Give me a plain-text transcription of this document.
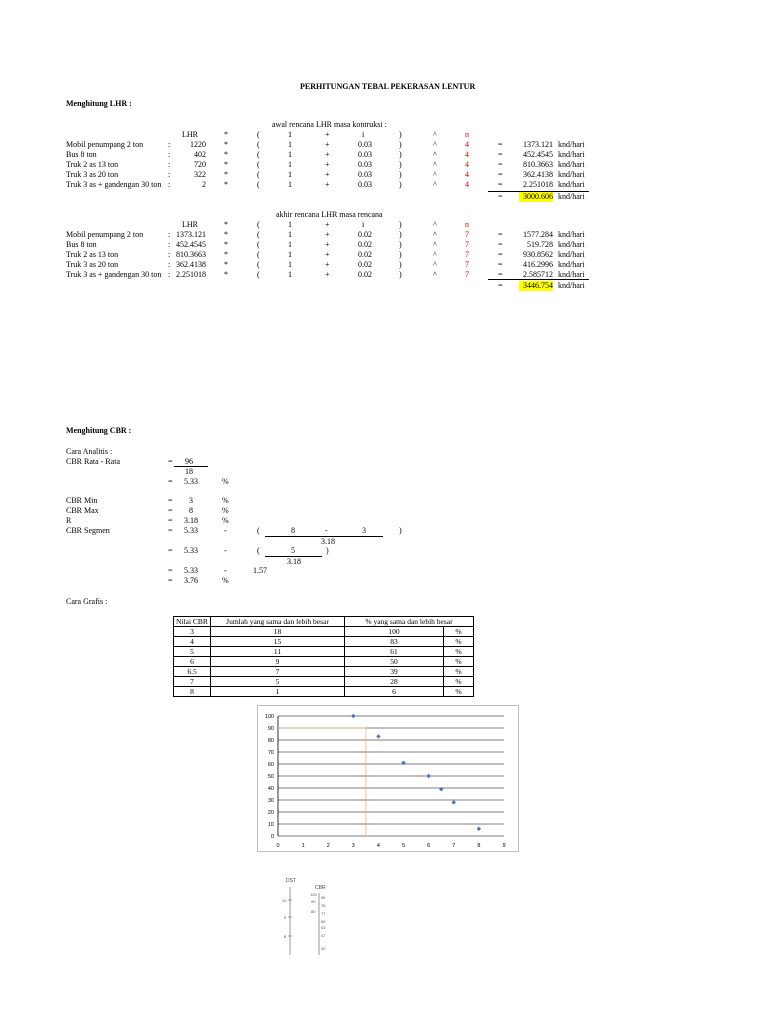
PERHITUNGAN TEBAL PEKERASAN LENTUR
Menghitung LHR :
awal rencana LHR masa kontruksi :
LHR	*	(	1	+	i	)	^	n
Mobil penumpang 2 ton	:	1220 *	(	1	+	0.03	)	^	4	=	1373.121 knd/hari
Bus 8 ton	:	402 *	(	1	+	0.03	)	^	4	=	452.4545 knd/hari
Truk 2 as 13 ton	:	720 *	(	1	+	0.03	)	^	4	=	810.3663 knd/hari
Truk 3 as 20 ton	:	322 *	(	1	+	0.03	)	^	4	=	362.4138 knd/hari
Truk 3 as + gandengan 30 ton :	2 *	(	1	+	0.03	)	^	4	=	2.251018 knd/hari
=	3000.606 knd/hari
akhir rencana LHR masa rencana
LHR	*	(	1	+	i	)	^	n
Mobil penumpang 2 ton	: 1373.121 *	(	1	+	0.02	)	^	7	=	1577.284 knd/hari
Bus 8 ton	: 452.4545 *	(	1	+	0.02	)	^	7	=	519.728 knd/hari
Truk 2 as 13 ton	: 810.3663 *	(	1	+	0.02	)	^	7	=	930.8562 knd/hari
Truk 3 as 20 ton	: 362.4138 *	(	1	+	0.02	)	^	7	=	416.2996 knd/hari
Truk 3 as + gandengan 30 ton : 2.251018 *	(	1	+	0.02	)	^	7	=	2.585712 knd/hari
=	3446.754 knd/hari
Menghitung CBR :
Cara Analitis :
CBR Rata - Rata	= 96
18
= 5.33	%
CBR Min	= 3	%
CBR Max	= 8	%
R	= 3.18	%
CBR Segmen	= 5.33	-	(	8	-	3	)
3.18
= 5.33	-	(	5	)
3.18
= 5.33	-	1.57
= 3.76	%
Cara Grafis :
Nilai CBR	Jumlah yang sama dan lebih besar	% yang sama dan lebih besar	
3	18	100	%
4	15	83	%
5	11	61	%
6	9	50	%
6.5	7	39	%
7	5	28	%
8	1	6	%
0
10
20
30
40
50
60
70
80
90
100
0	1	2	3	4	5	6	7	8	9
DST
CBR
10
9
8
100
90
80
96
76
77
65
53
47
30
